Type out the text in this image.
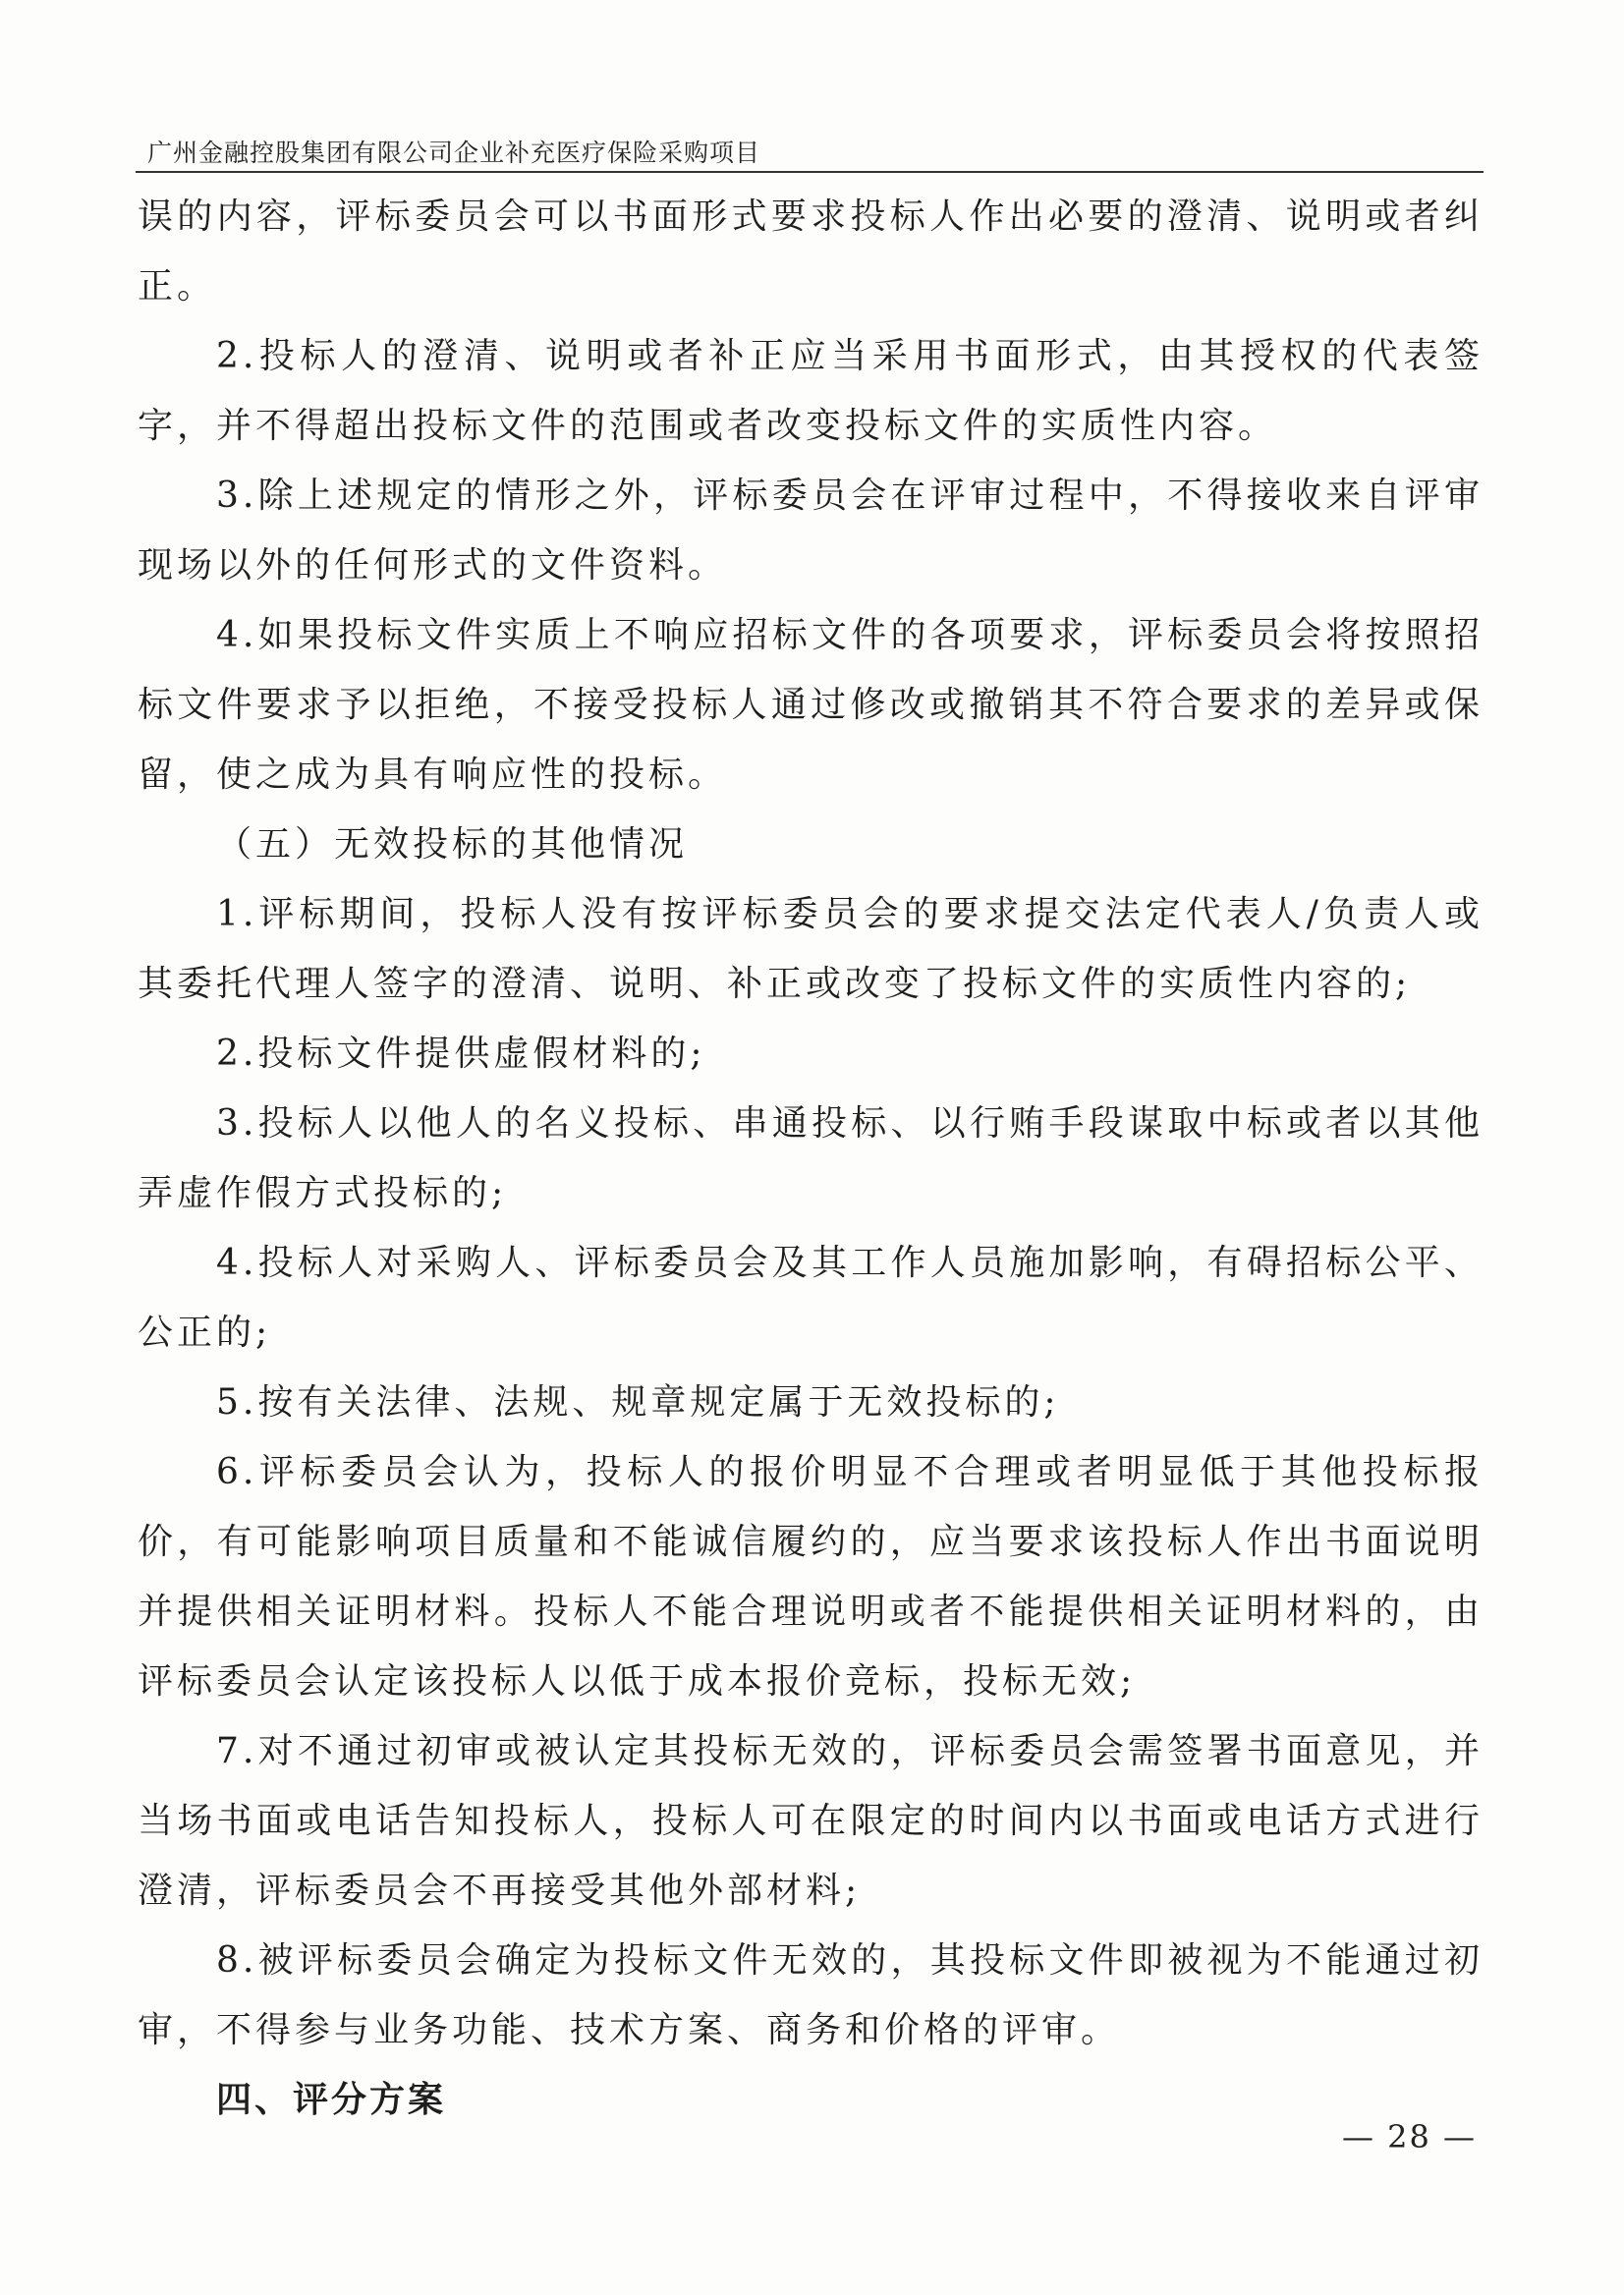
广州金融控股集团有限公司企业补充医疗保险采购项目

误的内容，评标委员会可以书面形式要求投标人作出必要的澄清、说明或者纠正。

2.投标人的澄清、说明或者补正应当采用书面形式，由其授权的代表签字，并不得超出投标文件的范围或者改变投标文件的实质性内容。

3.除上述规定的情形之外，评标委员会在评审过程中，不得接收来自评审现场以外的任何形式的文件资料。

4.如果投标文件实质上不响应招标文件的各项要求，评标委员会将按照招标文件要求予以拒绝，不接受投标人通过修改或撤销其不符合要求的差异或保留，使之成为具有响应性的投标。

（五）无效投标的其他情况

1.评标期间，投标人没有按评标委员会的要求提交法定代表人/负责人或其委托代理人签字的澄清、说明、补正或改变了投标文件的实质性内容的;

2.投标文件提供虚假材料的;

3.投标人以他人的名义投标、串通投标、以行贿手段谋取中标或者以其他弄虚作假方式投标的;

4.投标人对采购人、评标委员会及其工作人员施加影响，有碍招标公平、公正的;

5.按有关法律、法规、规章规定属于无效投标的;

6.评标委员会认为，投标人的报价明显不合理或者明显低于其他投标报价，有可能影响项目质量和不能诚信履约的，应当要求该投标人作出书面说明并提供相关证明材料。投标人不能合理说明或者不能提供相关证明材料的，由评标委员会认定该投标人以低于成本报价竞标，投标无效;

7.对不通过初审或被认定其投标无效的，评标委员会需签署书面意见，并当场书面或电话告知投标人，投标人可在限定的时间内以书面或电话方式进行澄清，评标委员会不再接受其他外部材料;

8.被评标委员会确定为投标文件无效的，其投标文件即被视为不能通过初审，不得参与业务功能、技术方案、商务和价格的评审。

四、评分方案

— 28 —
